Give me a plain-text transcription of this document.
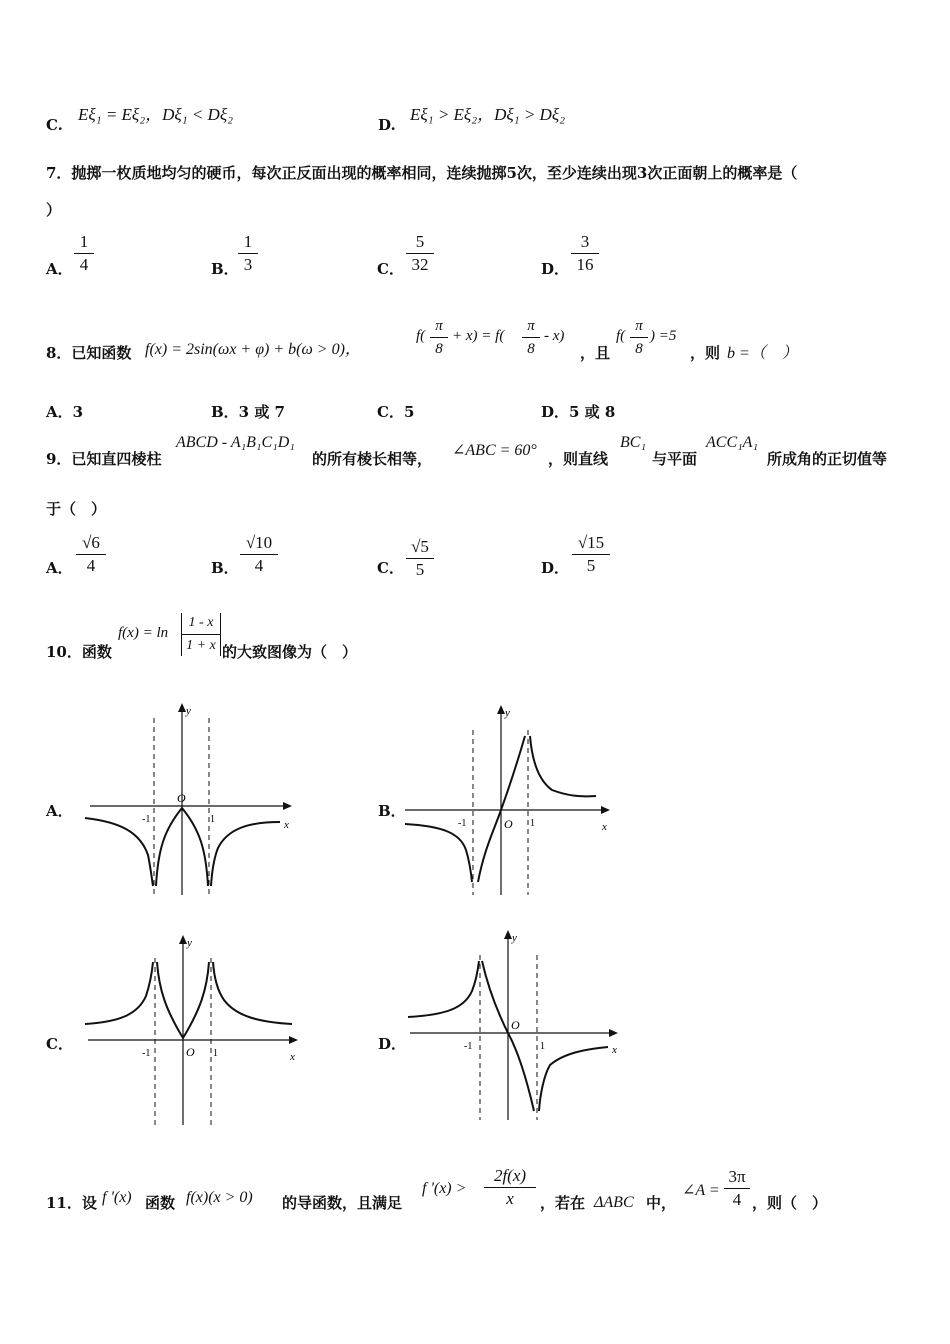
C.
Eξ₁ = Eξ₂，Dξ₁ < Dξ₂
D.
Eξ₁ > Eξ₂，Dξ₁ > Dξ₂
7．抛掷一枚质地均匀的硬币，每次正反面出现的概率相同，连续抛掷5次，至少连续出现3次正面朝上的概率是（
）
A．
1
4	B．
1
3	C．
5
32	D．
3
16
8．已知函数 f(x) = 2sin(ωx + φ) + b(ω > 0)，
f(
π
8
+ x) = f(
π
8
- x)
，且
f(
π
8
) =5
，则 b =（　）
A．3	B．3 或 7	C．5	D．5 或 8
9．已知直四棱柱
ABCD - A₁B₁C₁D₁
的所有棱长相等， ∠ABC = 60° ，则直线
BC₁
与平面
ACC₁A₁
所成角的正切值等
于（　）
A．
√6
4	B．
√10
4	C．
√5
5	D．
√15
5
10．函数
f(x) = ln
1 - x
1 + x 的大致图像为（　）
A．	B．
C．	D．
y
x
O
-1	1
y
x
O
-1	1
y
x
O
-1	1
y
x
O
-1	1
11．设 f '(x) 函数 f(x)(x > 0) 的导函数，且满足
f '(x) >
2f(x)
x	，若在 ΔABC 中，
∠A =
3π
4 ，则（　）
